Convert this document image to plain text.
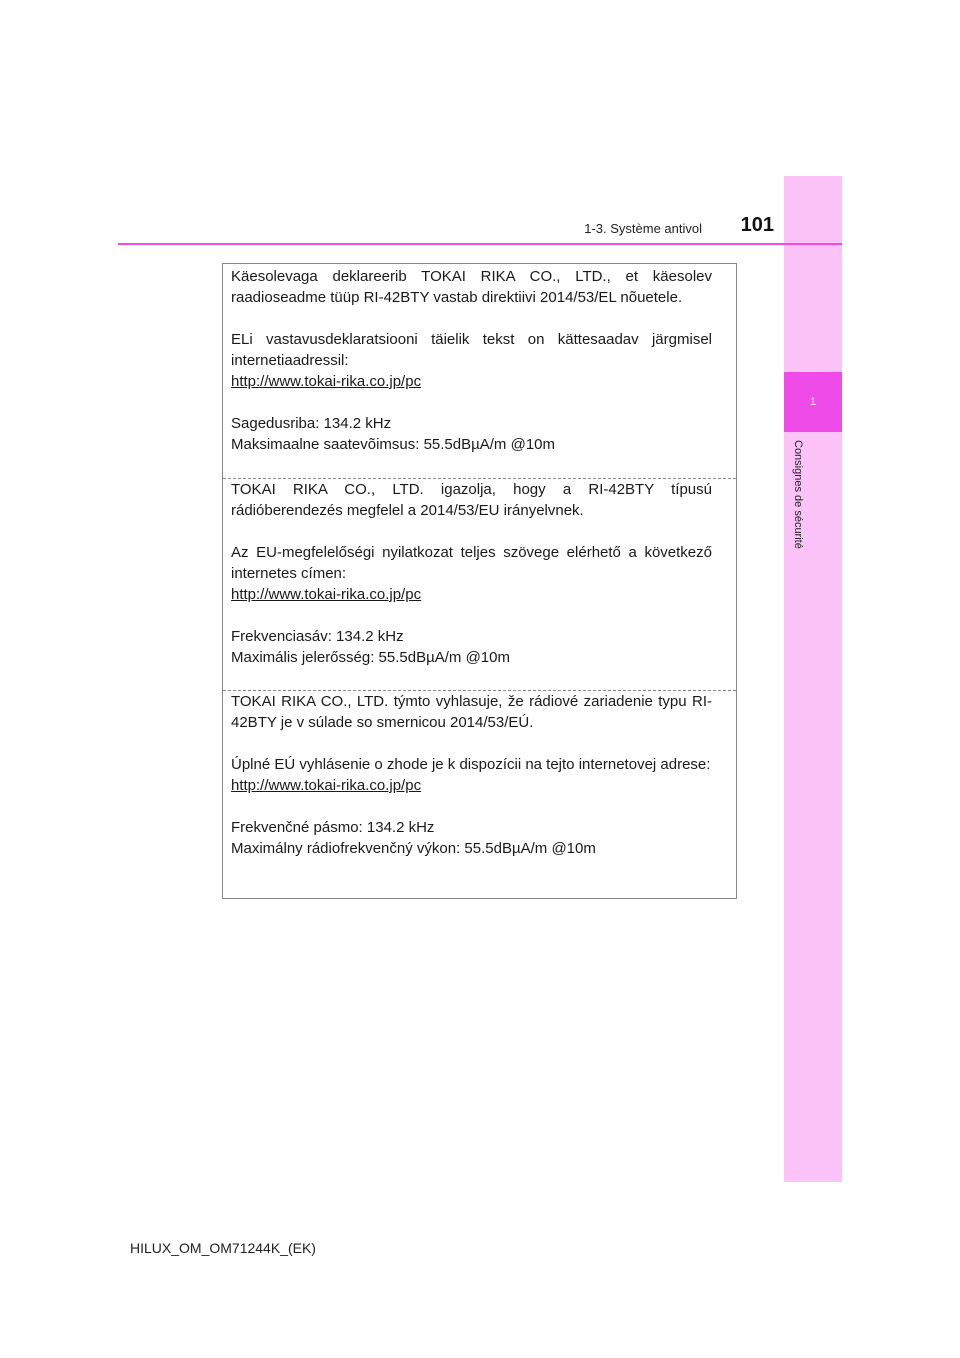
1
Consignes de sécurité
1-3. Système antivol	101

Käesolevaga deklareerib TOKAI RIKA CO., LTD., et käesolev raadioseadme tüüp RI-42BTY vastab direktiivi 2014/53/EL nõuetele.

ELi vastavusdeklaratsiooni täielik tekst on kättesaadav järgmisel internetiaadressil:

http://www.tokai-rika.co.jp/pc

Sagedusriba: 134.2 kHz

Maksimaalne saatevõimsus: 55.5dBµA/m @10m

TOKAI RIKA CO., LTD. igazolja, hogy a RI-42BTY típusú rádióberendezés megfelel a 2014/53/EU irányelvnek.

Az EU-megfelelőségi nyilatkozat teljes szövege elérhető a következő internetes címen:

http://www.tokai-rika.co.jp/pc

Frekvenciasáv: 134.2 kHz

Maximális jelerősség: 55.5dBµA/m @10m

TOKAI RIKA CO., LTD. týmto vyhlasuje, že rádiové zariadenie typu RI-42BTY je v súlade so smernicou 2014/53/EÚ.

Úplné EÚ vyhlásenie o zhode je k dispozícii na tejto internetovej adrese:

http://www.tokai-rika.co.jp/pc

Frekvenčné pásmo: 134.2 kHz

Maximálny rádiofrekvenčný výkon: 55.5dBµA/m @10m

HILUX_OM_OM71244K_(EK)
